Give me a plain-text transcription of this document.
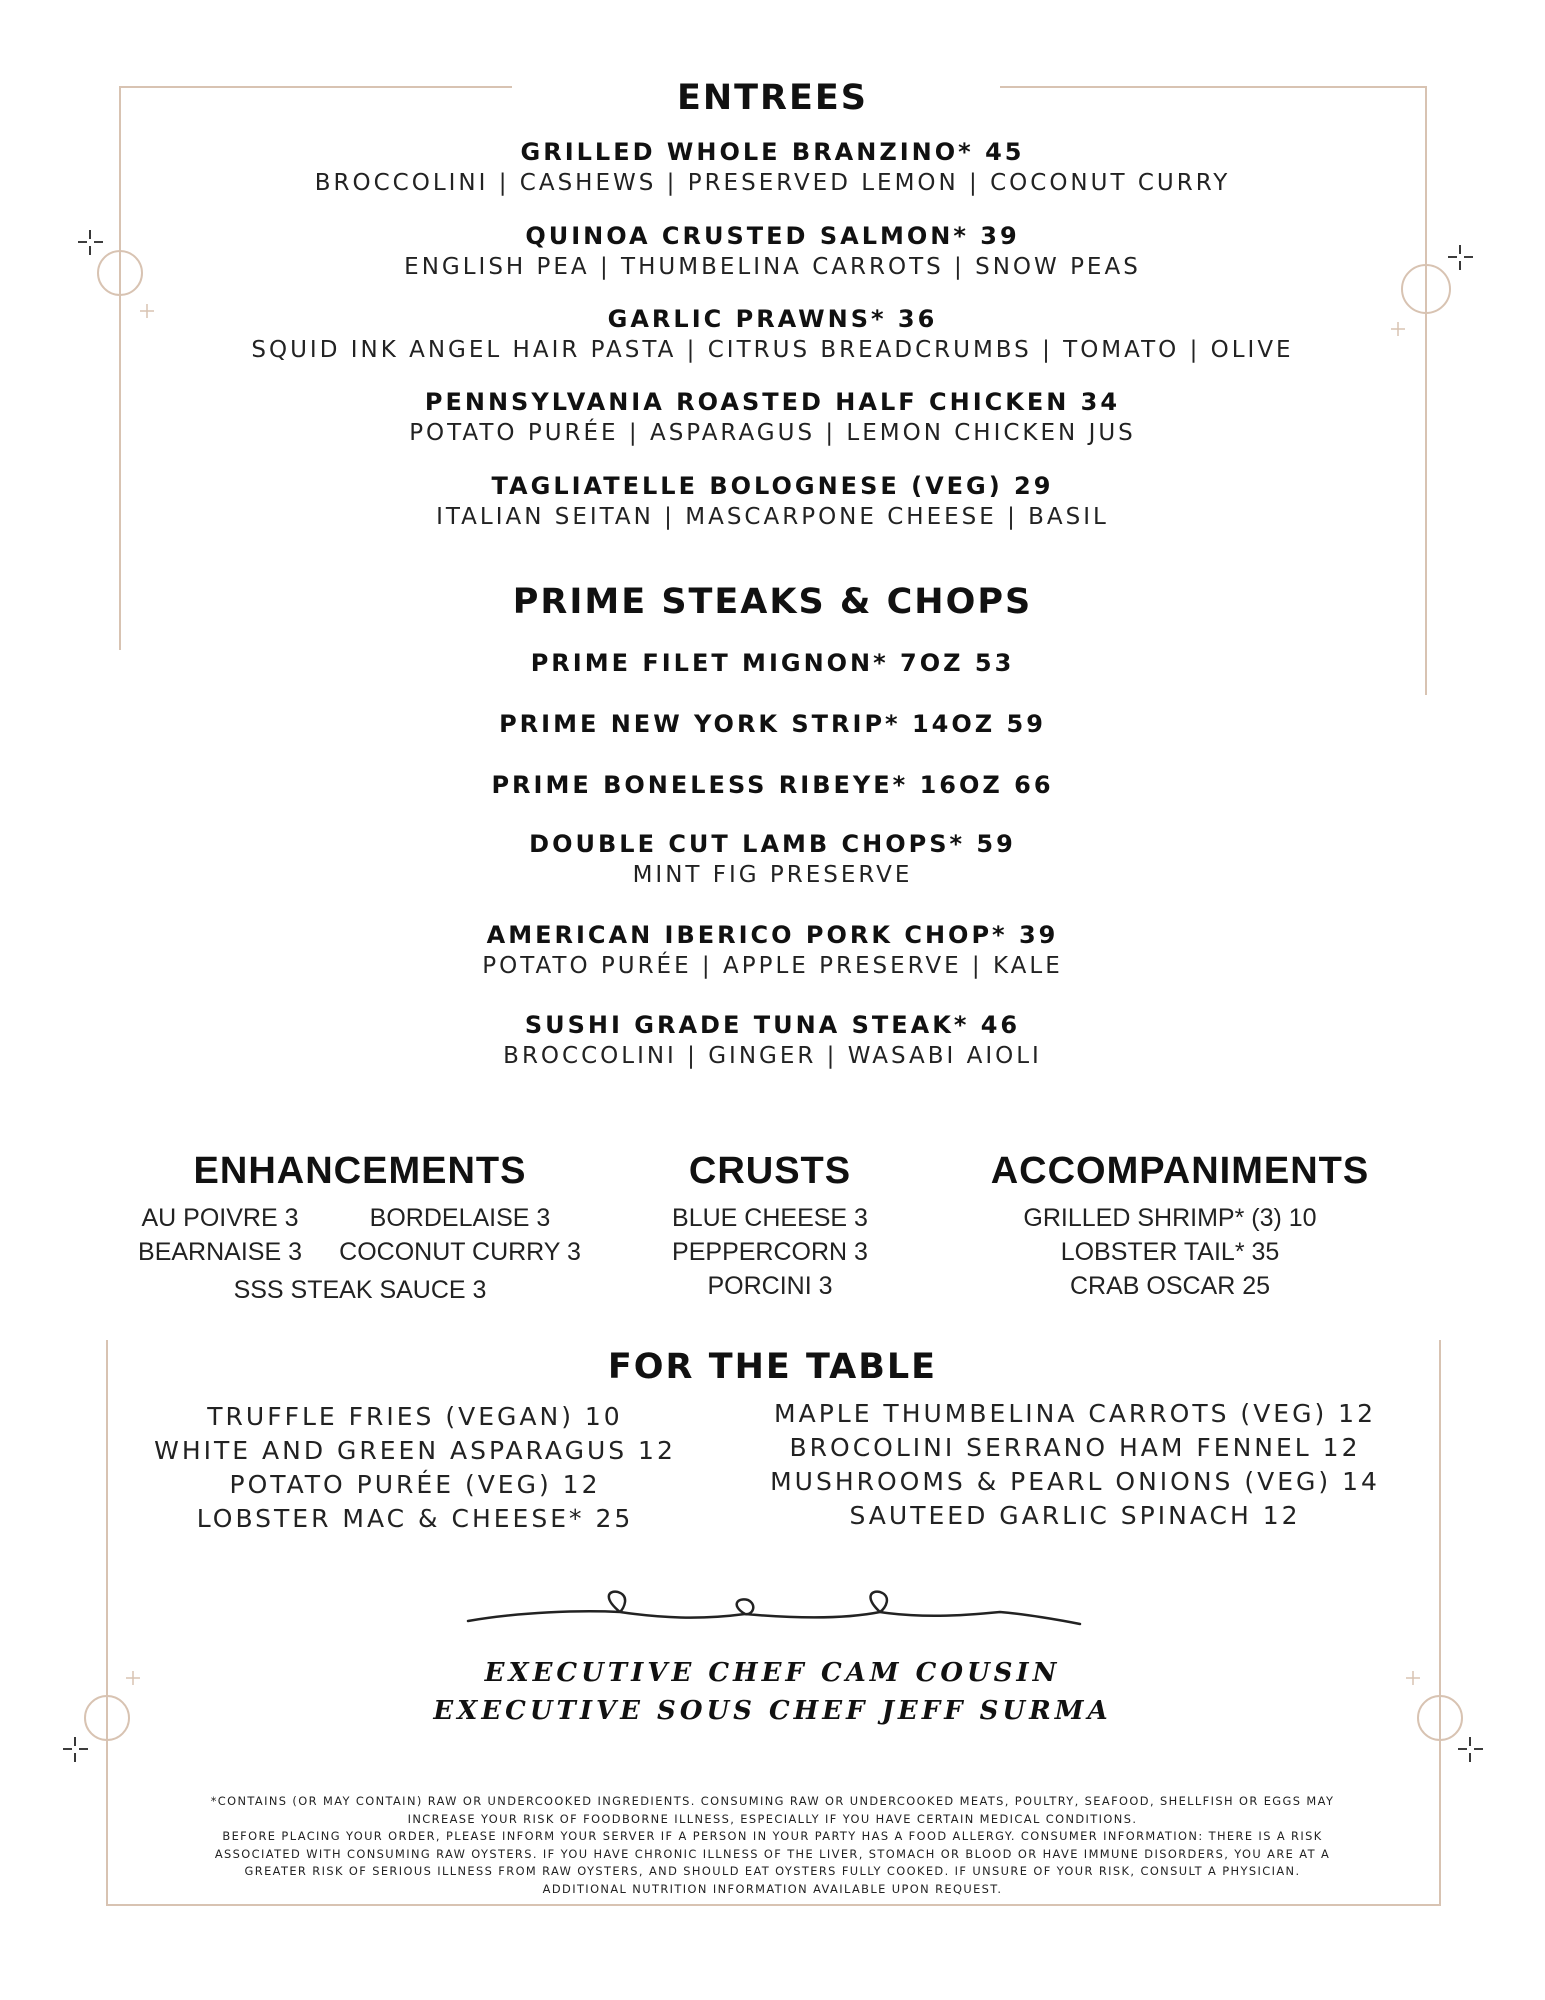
ENTREES
GRILLED WHOLE BRANZINO* 45
BROCCOLINI | CASHEWS | PRESERVED LEMON | COCONUT CURRY
QUINOA CRUSTED SALMON* 39
ENGLISH PEA | THUMBELINA CARROTS | SNOW PEAS
GARLIC PRAWNS* 36
SQUID INK ANGEL HAIR PASTA | CITRUS BREADCRUMBS | TOMATO | OLIVE
PENNSYLVANIA ROASTED HALF CHICKEN 34
POTATO PURÉE | ASPARAGUS | LEMON CHICKEN JUS
TAGLIATELLE BOLOGNESE (VEG) 29
ITALIAN SEITAN | MASCARPONE CHEESE | BASIL
PRIME STEAKS & CHOPS
PRIME FILET MIGNON* 7OZ 53
PRIME NEW YORK STRIP* 14OZ 59
PRIME BONELESS RIBEYE* 16OZ 66
DOUBLE CUT LAMB CHOPS* 59
MINT FIG PRESERVE
AMERICAN IBERICO PORK CHOP* 39
POTATO PURÉE | APPLE PRESERVE | KALE
SUSHI GRADE TUNA STEAK* 46
BROCCOLINI | GINGER | WASABI AIOLI
ENHANCEMENTS
AU POIVRE 3	BORDELAISE 3
BEARNAISE 3	COCONUT CURRY 3
SSS STEAK SAUCE 3
CRUSTS
BLUE CHEESE 3
PEPPERCORN 3
PORCINI 3
ACCOMPANIMENTS
GRILLED SHRIMP* (3) 10
LOBSTER TAIL* 35
CRAB OSCAR 25
FOR THE TABLE
TRUFFLE FRIES (VEGAN) 10
WHITE AND GREEN ASPARAGUS 12
POTATO PURÉE (VEG) 12
LOBSTER MAC & CHEESE* 25
MAPLE THUMBELINA CARROTS (VEG) 12
BROCOLINI SERRANO HAM FENNEL 12
MUSHROOMS & PEARL ONIONS (VEG) 14
SAUTEED GARLIC SPINACH 12
EXECUTIVE CHEF CAM COUSIN
EXECUTIVE SOUS CHEF JEFF SURMA
*CONTAINS (OR MAY CONTAIN) RAW OR UNDERCOOKED INGREDIENTS. CONSUMING RAW OR UNDERCOOKED MEATS, POULTRY, SEAFOOD, SHELLFISH OR EGGS MAY
INCREASE YOUR RISK OF FOODBORNE ILLNESS, ESPECIALLY IF YOU HAVE CERTAIN MEDICAL CONDITIONS.
BEFORE PLACING YOUR ORDER, PLEASE INFORM YOUR SERVER IF A PERSON IN YOUR PARTY HAS A FOOD ALLERGY. CONSUMER INFORMATION: THERE IS A RISK
ASSOCIATED WITH CONSUMING RAW OYSTERS. IF YOU HAVE CHRONIC ILLNESS OF THE LIVER, STOMACH OR BLOOD OR HAVE IMMUNE DISORDERS, YOU ARE AT A
GREATER RISK OF SERIOUS ILLNESS FROM RAW OYSTERS, AND SHOULD EAT OYSTERS FULLY COOKED. IF UNSURE OF YOUR RISK, CONSULT A PHYSICIAN.
ADDITIONAL NUTRITION INFORMATION AVAILABLE UPON REQUEST.
